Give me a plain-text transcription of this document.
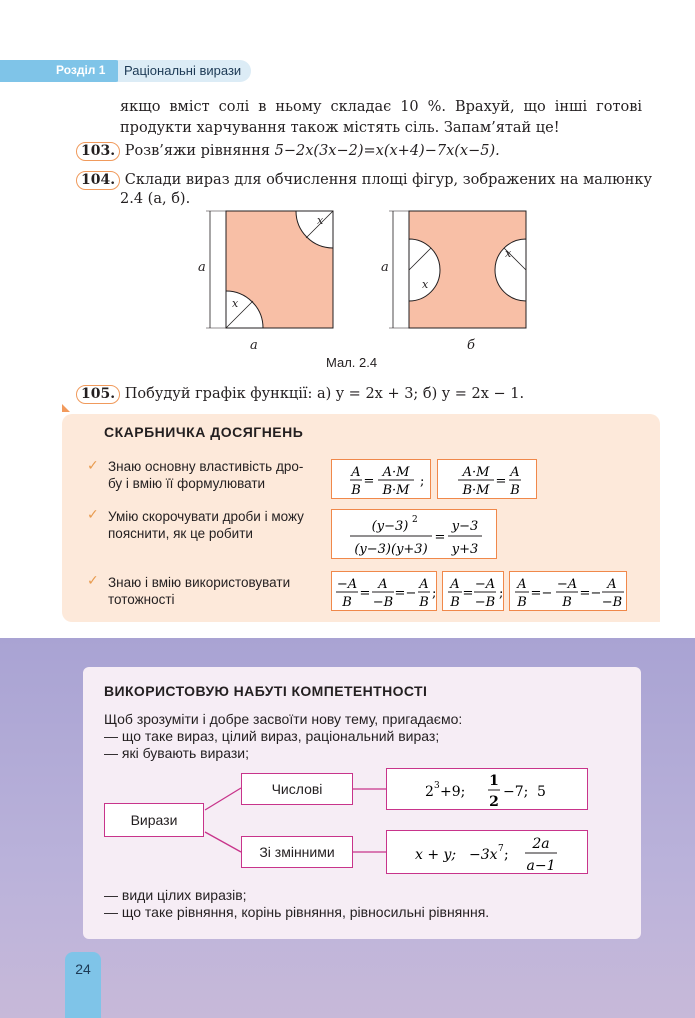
Розділ 1	Раціональні вирази
якщо вміст солі в ньому складає 10 %. Врахуй, що інші готові
продукти харчування також містять сіль. Запам’ятай це!
103. Розв’яжи рівняння 5−2x(3x−2)=x(x+4)−7x(x−5).
104. Склади вираз для обчислення площі фігур, зображених на малюнку
2.4 (a, б).
a	a
x
x
x
x
a	б
Мал. 2.4
105. Побудуй графік функції: а) y = 2x + 3; б) y = 2x − 1.
СКАРБНИЧКА ДОСЯГНЕНЬ
✓ Знаю основну властивість дро-
бу і вмію її формулювати
✓ Умію скорочувати дроби і можу
пояснити, як це робити
✓ Знаю і вмію використовувати
тотожності
A
B
=
A·M
B·M
;
A·M
B·M
=
A
B
(y−3) 2
(y−3)(y+3)
=
y−3
y+3
−A
B
=
A
−B
= −
A
B
;
A
B
=
−A
−B
;
A
B
= −
−A
B
= −
A
−B
ВИКОРИСТОВУЮ НАБУТІ КОМПЕТЕНТНОСТІ
Щоб зрозуміти і добре засвоїти нову тему, пригадаємо:
— що таке вираз, цілий вираз, раціональний вираз;
— які бувають вирази;
Вирази
Числові
Зі змінними
2 3 +9;
1
2
−7; 5
x + y; −3x 7 ;
2a
a−1
— види цілих виразів;
— що таке рівняння, корінь рівняння, рівносильні рівняння.
24
